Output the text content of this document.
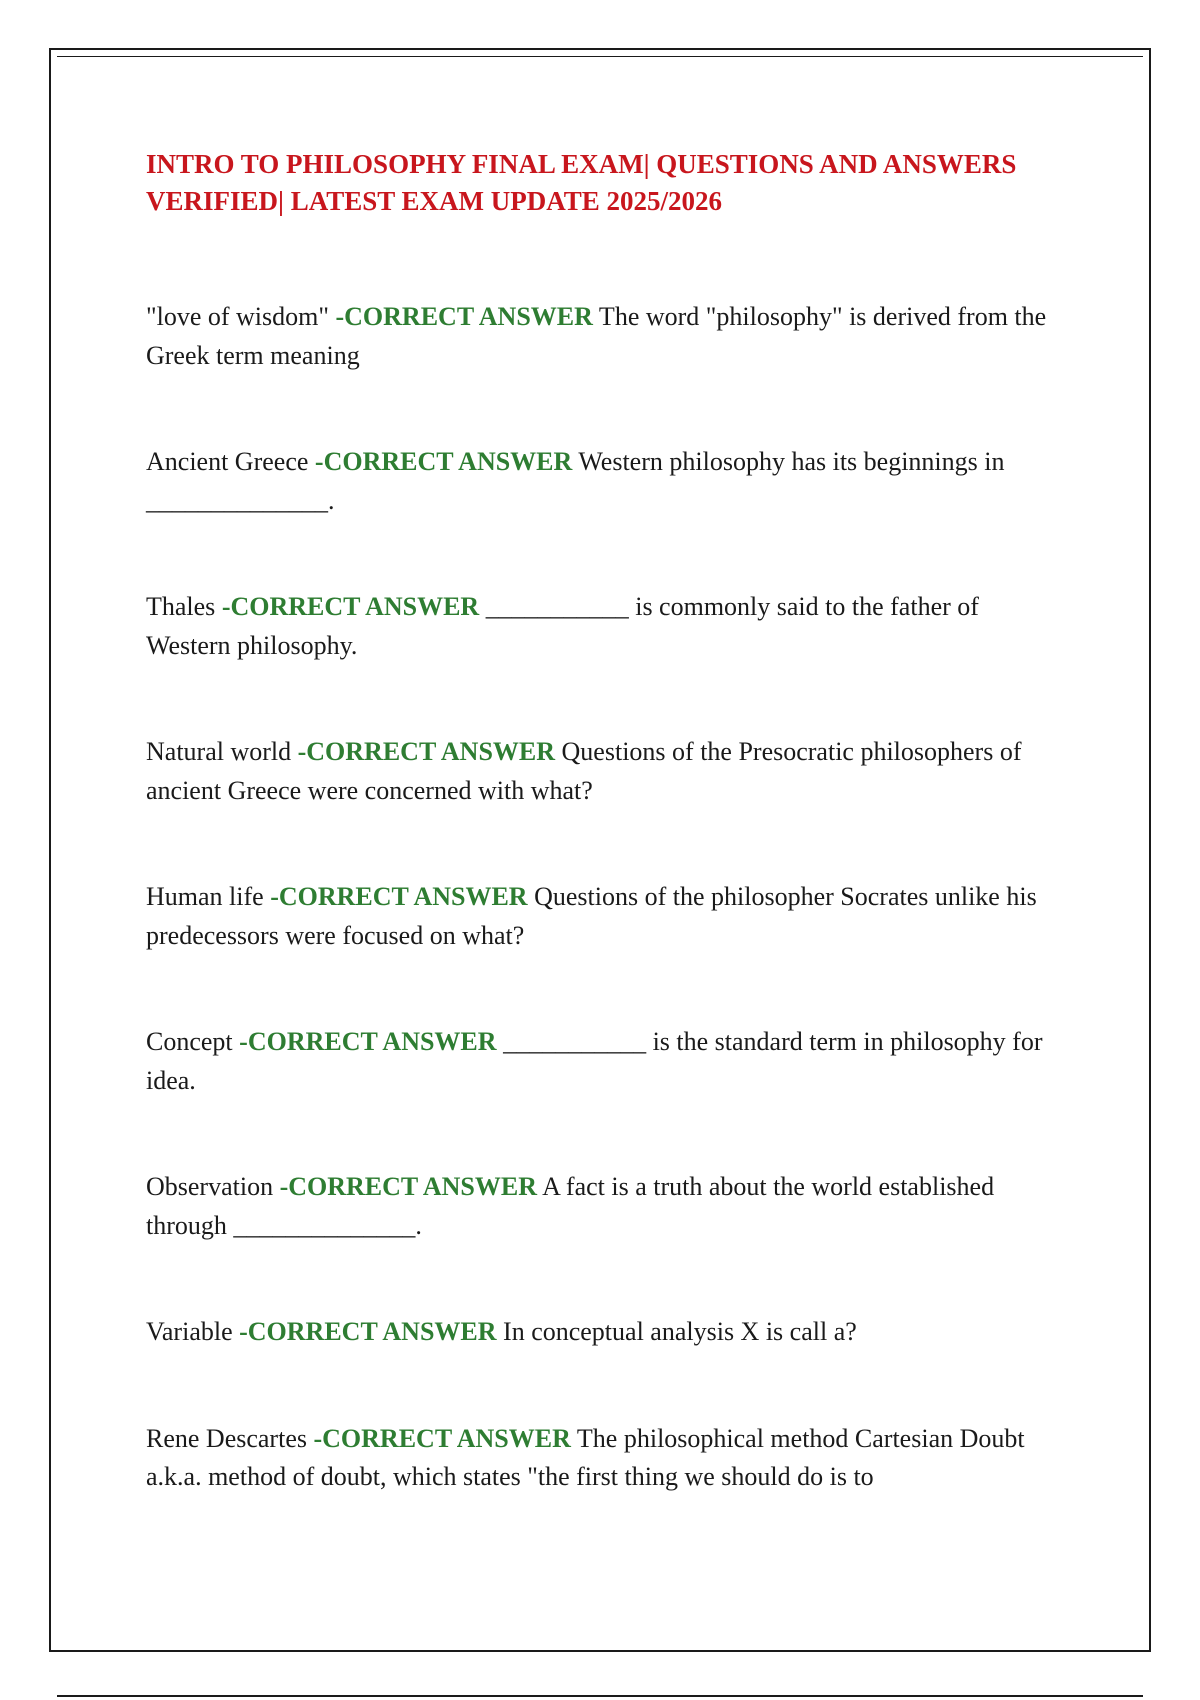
INTRO TO PHILOSOPHY FINAL EXAM| QUESTIONS AND ANSWERS VERIFIED| LATEST EXAM UPDATE 2025/2026
"love of wisdom" -CORRECT ANSWER The word "philosophy" is derived from the Greek term meaning
Ancient Greece -CORRECT ANSWER Western philosophy has its beginnings in ______________.
Thales -CORRECT ANSWER ___________ is commonly said to the father of Western philosophy.
Natural world -CORRECT ANSWER Questions of the Presocratic philosophers of ancient Greece were concerned with what?
Human life -CORRECT ANSWER Questions of the philosopher Socrates unlike his predecessors were focused on what?
Concept -CORRECT ANSWER ___________ is the standard term in philosophy for idea.
Observation -CORRECT ANSWER A fact is a truth about the world established through ______________.
Variable -CORRECT ANSWER In conceptual analysis X is call a?
Rene Descartes -CORRECT ANSWER The philosophical method Cartesian Doubt a.k.a. method of doubt, which states "the first thing we should do is to
